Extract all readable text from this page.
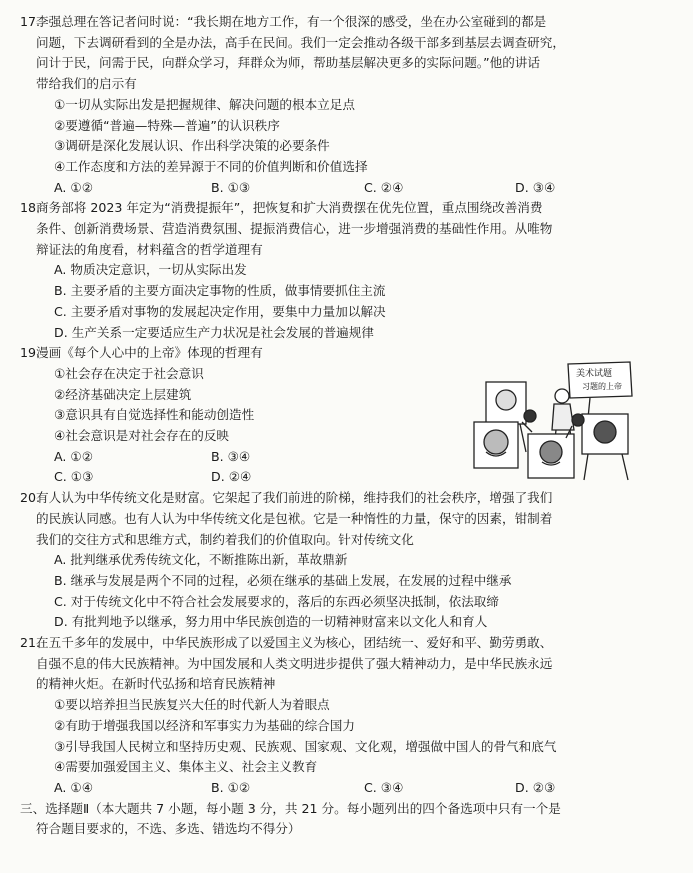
17.
李强总理在答记者问时说：“我长期在地方工作，有一个很深的感受，坐在办公室碰到的都是
问题，下去调研看到的全是办法，高手在民间。我们一定会推动各级干部多到基层去调查研究，
问计于民，问需于民，向群众学习，拜群众为师，帮助基层解决更多的实际问题。”他的讲话
带给我们的启示有
①一切从实际出发是把握规律、解决问题的根本立足点
②要遵循“普遍—特殊—普遍”的认识秩序
③调研是深化发展认识、作出科学决策的必要条件
④工作态度和方法的差异源于不同的价值判断和价值选择
A. ①②	B. ①③	C. ②④	D. ③④
18.
商务部将 2023 年定为“消费提振年”，把恢复和扩大消费摆在优先位置，重点围绕改善消费
条件、创新消费场景、营造消费氛围、提振消费信心，进一步增强消费的基础性作用。从唯物
辩证法的角度看，材料蕴含的哲学道理有
A. 物质决定意识，一切从实际出发
B. 主要矛盾的主要方面决定事物的性质，做事情要抓住主流
C. 主要矛盾对事物的发展起决定作用，要集中力量加以解决
D. 生产关系一定要适应生产力状况是社会发展的普遍规律
19.
漫画《每个人心中的上帝》体现的哲理有
①社会存在决定于社会意识
②经济基础决定上层建筑
③意识具有自觉选择性和能动创造性
④社会意识是对社会存在的反映
A. ①②	B. ③④
C. ①③	D. ②④
20.
有人认为中华传统文化是财富。它架起了我们前进的阶梯，维持我们的社会秩序，增强了我们
的民族认同感。也有人认为中华传统文化是包袱。它是一种惰性的力量，保守的因素，钳制着
我们的交往方式和思维方式，制约着我们的价值取向。针对传统文化
A. 批判继承优秀传统文化，不断推陈出新，革故鼎新
B. 继承与发展是两个不同的过程，必须在继承的基础上发展，在发展的过程中继承
C. 对于传统文化中不符合社会发展要求的，落后的东西必须坚决抵制，依法取缔
D. 有批判地予以继承，努力用中华民族创造的一切精神财富来以文化人和育人
21.
在五千多年的发展中，中华民族形成了以爱国主义为核心，团结统一、爱好和平、勤劳勇敢、
自强不息的伟大民族精神。为中国发展和人类文明进步提供了强大精神动力，是中华民族永远
的精神火炬。在新时代弘扬和培育民族精神
①要以培养担当民族复兴大任的时代新人为着眼点
②有助于增强我国以经济和军事实力为基础的综合国力
③引导我国人民树立和坚持历史观、民族观、国家观、文化观，增强做中国人的骨气和底气
④需要加强爱国主义、集体主义、社会主义教育
A. ①④	B. ①②	C. ③④	D. ②③
三、选择题Ⅱ（本大题共 7 小题，每小题 3 分，共 21 分。每小题列出的四个备选项中只有一个是
符合题目要求的，不选、多选、错选均不得分）
美术试题
习题的上帝
